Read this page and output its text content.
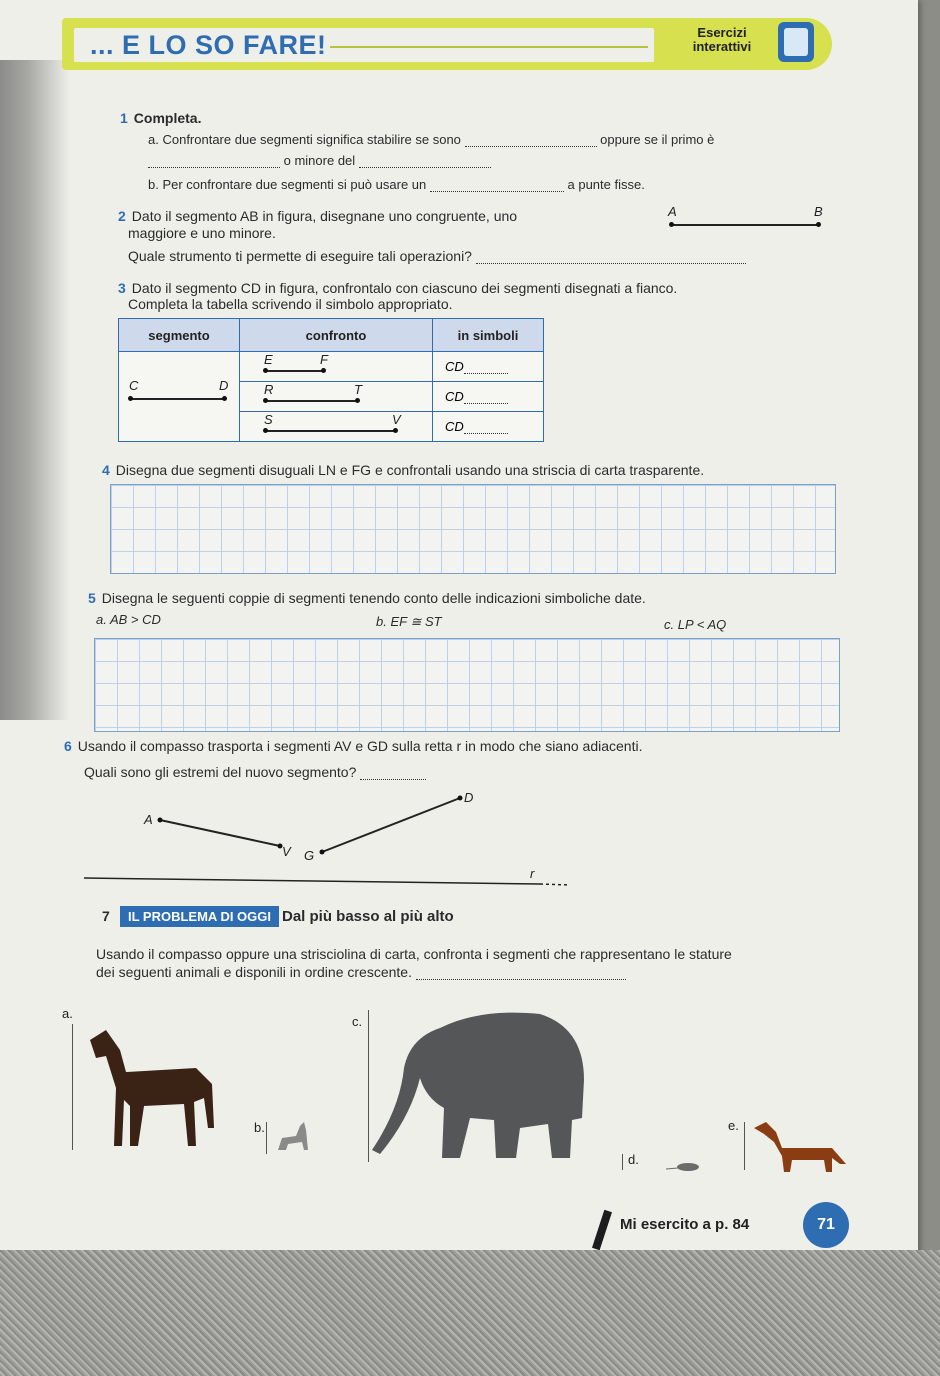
... E LO SO FARE!	Esercizi
interattivi
1 Completa.
a. Confrontare due segmenti significa stabilire se sono	oppure se il primo è
o minore del
b. Per confrontare due segmenti si può usare un	a punte fisse.
2 Dato il segmento AB in figura, disegnane uno congruente, uno
maggiore e uno minore.
Quale strumento ti permette di eseguire tali operazioni?
A	B
3 Dato il segmento CD in figura, confrontalo con ciascuno dei segmenti disegnati a fianco.
Completa la tabella scrivendo il simbolo appropriato.
segmento	confronto	in simboli

C D	E F	CD

	R T	CD

	S V	CD
4 Disegna due segmenti disuguali LN e FG e confrontali usando una striscia di carta trasparente.
5 Disegna le seguenti coppie di segmenti tenendo conto delle indicazioni simboliche date.
a. AB > CD	b. EF ≅ ST	c. LP < AQ
6 Usando il compasso trasporta i segmenti AV e GD sulla retta r in modo che siano adiacenti.
Quali sono gli estremi del nuovo segmento?
A
V G
D
r
7	IL PROBLEMA DI OGGI Dal più basso al più alto
Usando il compasso oppure una strisciolina di carta, confronta i segmenti che rappresentano le stature
dei seguenti animali e disponili in ordine crescente.
a.
b.
c.
d.
e.
Mi esercito a p. 84	71
